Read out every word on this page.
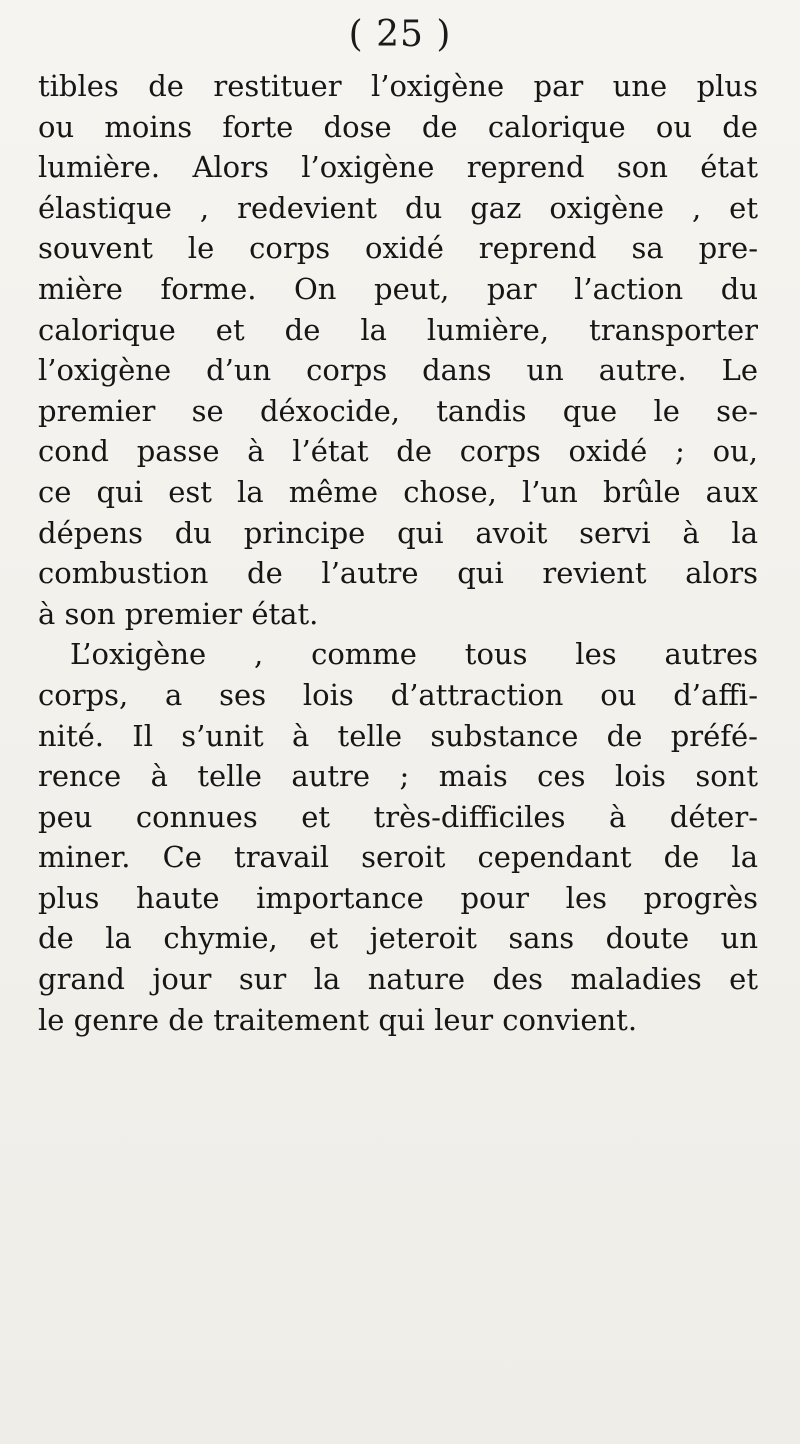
( 25 )
tibles de restituer l’oxigène par une plus
ou moins forte dose de calorique ou de
lumière. Alors l’oxigène reprend son état
élastique , redevient du gaz oxigène , et
souvent le corps oxidé reprend sa pre-
mière forme. On peut, par l’action du
calorique et de la lumière, transporter
l’oxigène d’un corps dans un autre. Le
premier se déxocide, tandis que le se-
cond passe à l’état de corps oxidé ; ou,
ce qui est la même chose, l’un brûle aux
dépens du principe qui avoit servi à la
combustion de l’autre qui revient alors
à son premier état.
L’oxigène , comme tous les autres
corps, a ses lois d’attraction ou d’affi-
nité. Il s’unit à telle substance de préfé-
rence à telle autre ; mais ces lois sont
peu connues et très-difficiles à déter-
miner. Ce travail seroit cependant de la
plus haute importance pour les progrès
de la chymie, et jeteroit sans doute un
grand jour sur la nature des maladies et
le genre de traitement qui leur convient.
